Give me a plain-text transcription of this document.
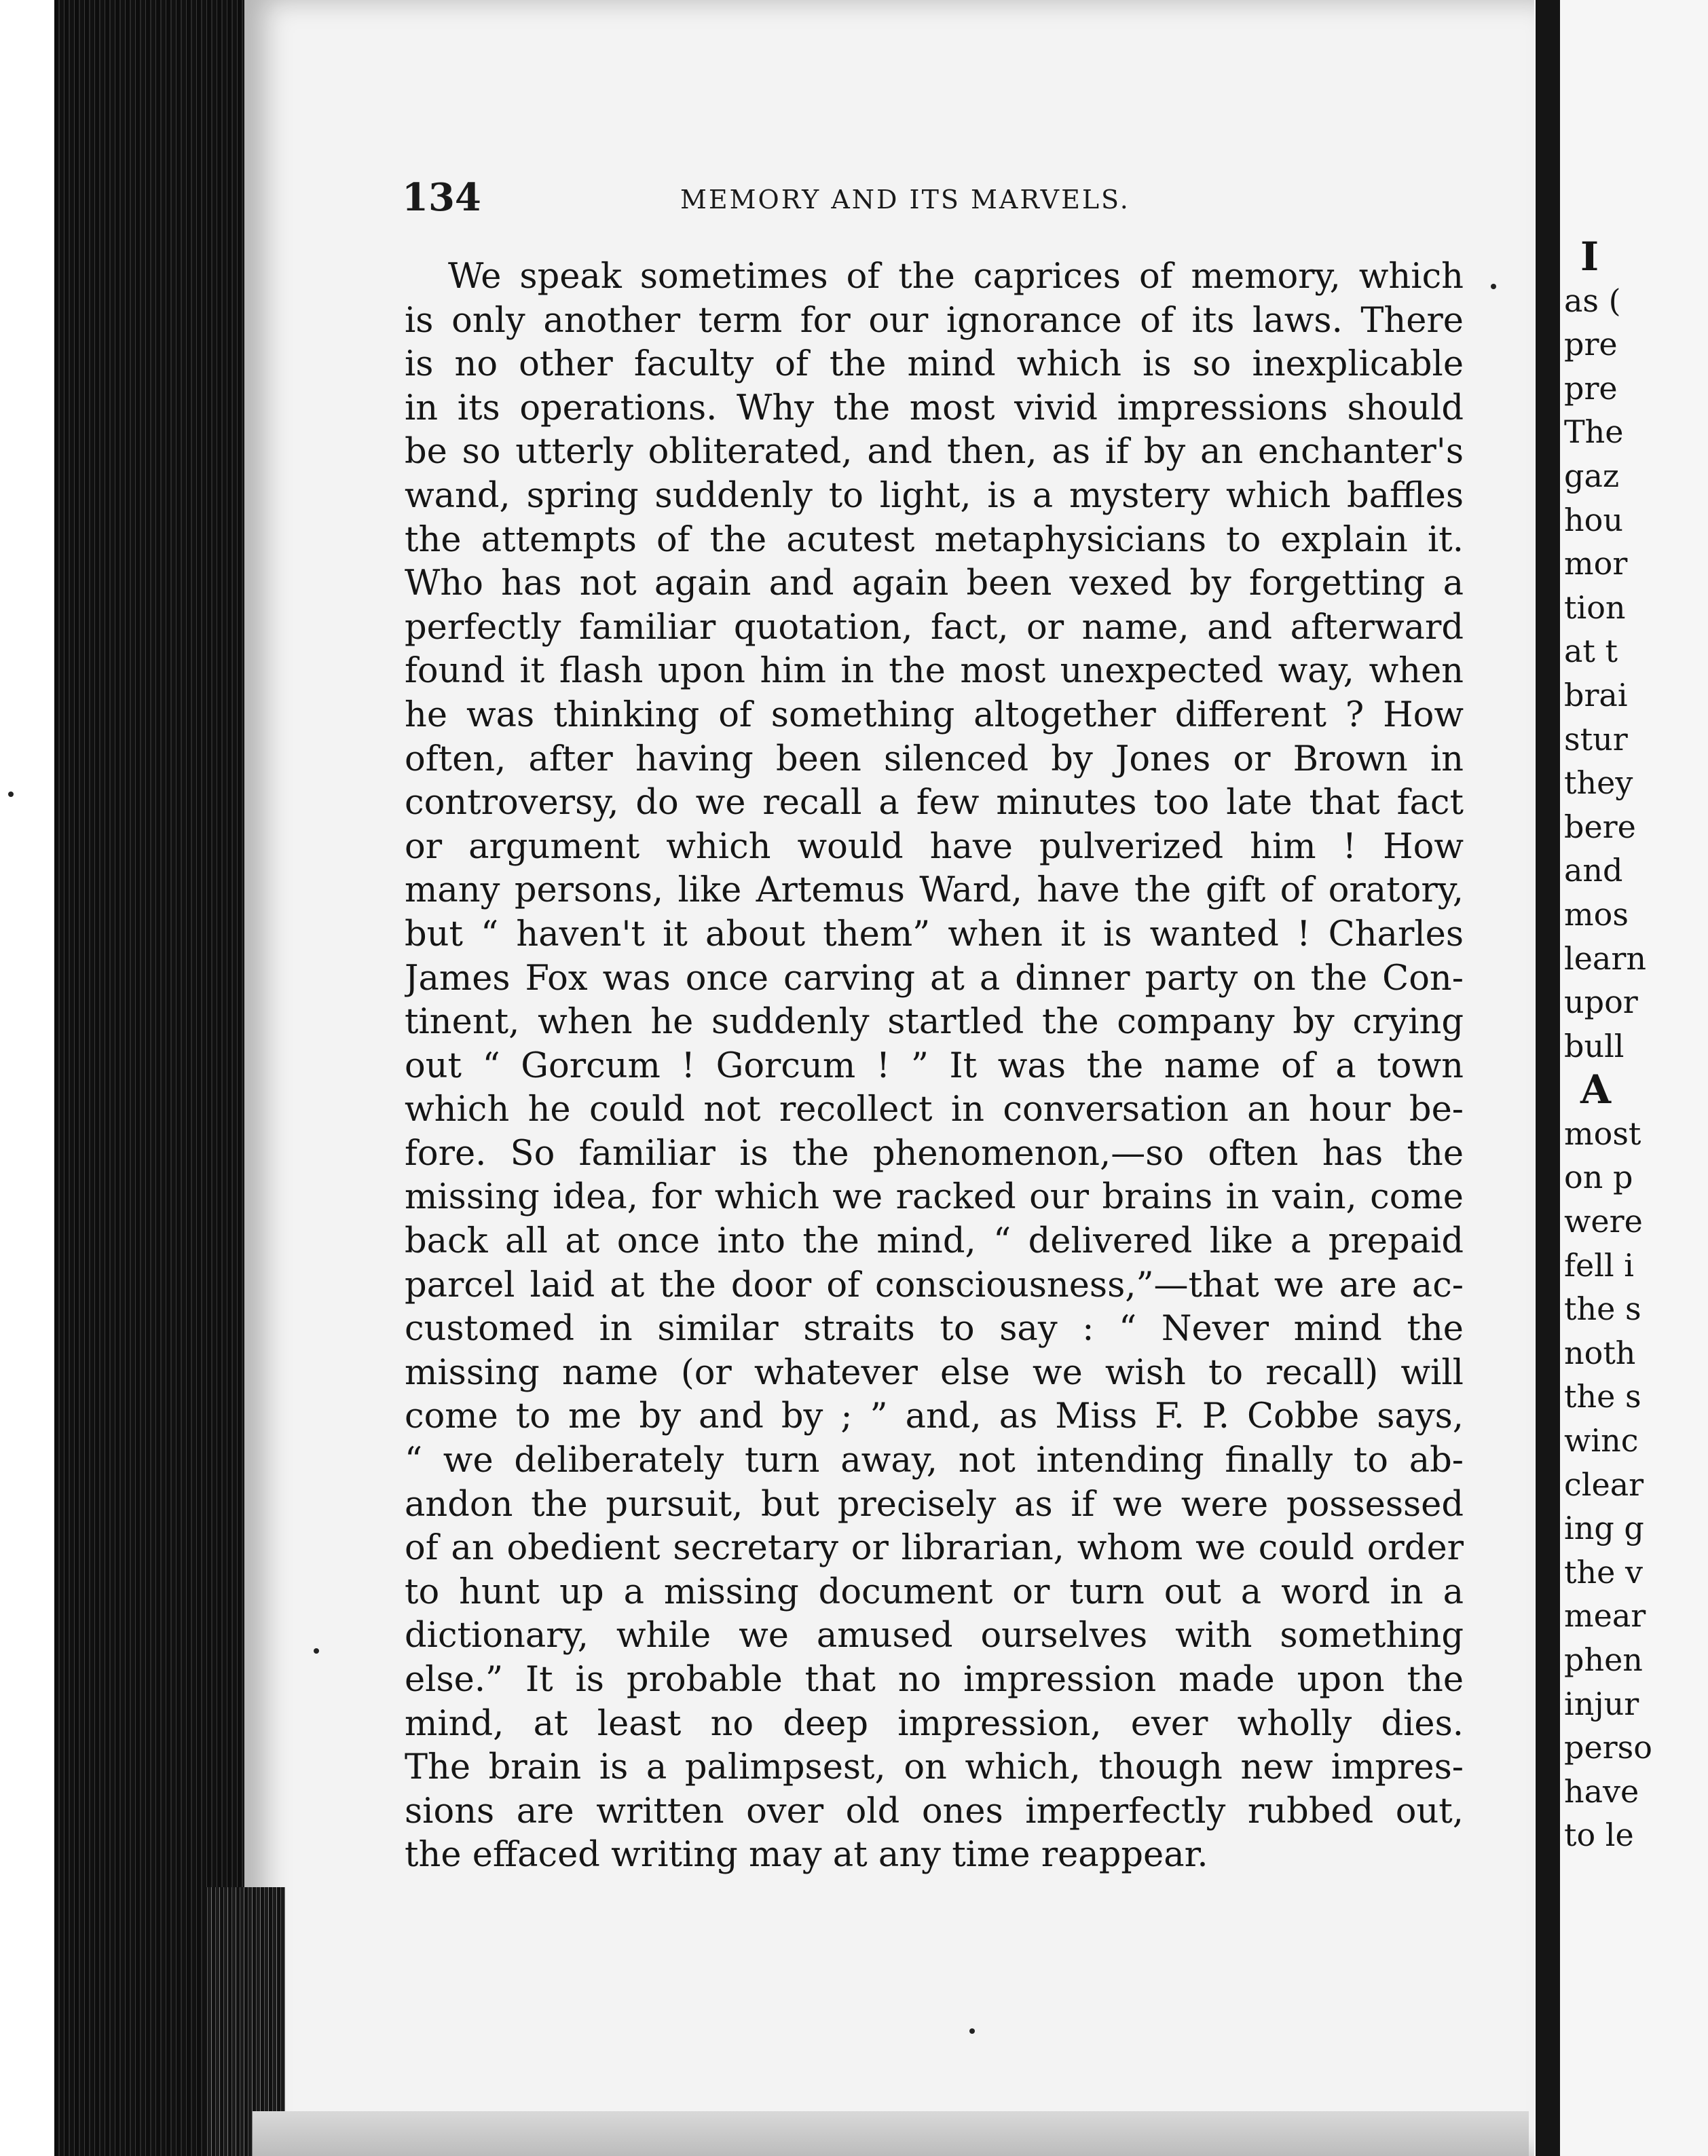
134	MEMORY AND ITS MARVELS.
We speak sometimes of the caprices of memory, which
is only another term for our ignorance of its laws. There
is no other faculty of the mind which is so inexplicable
in its operations. Why the most vivid impressions should
be so utterly obliterated, and then, as if by an enchanter's
wand, spring suddenly to light, is a mystery which baffles
the attempts of the acutest metaphysicians to explain it.
Who has not again and again been vexed by forgetting a
perfectly familiar quotation, fact, or name, and afterward
found it flash upon him in the most unexpected way, when
he was thinking of something altogether different ? How
often, after having been silenced by Jones or Brown in
controversy, do we recall a few minutes too late that fact
or argument which would have pulverized him ! How
many persons, like Artemus Ward, have the gift of oratory,
but “ haven't it about them” when it is wanted ! Charles
James Fox was once carving at a dinner party on the Con-
tinent, when he suddenly startled the company by crying
out “ Gorcum ! Gorcum ! ” It was the name of a town
which he could not recollect in conversation an hour be-
fore. So familiar is the phenomenon,—so often has the
missing idea, for which we racked our brains in vain, come
back all at once into the mind, “ delivered like a prepaid
parcel laid at the door of consciousness,”—that we are ac-
customed in similar straits to say : “ Never mind the
missing name (or whatever else we wish to recall) will
come to me by and by ; ” and, as Miss F. P. Cobbe says,
“ we deliberately turn away, not intending finally to ab-
andon the pursuit, but precisely as if we were possessed
of an obedient secretary or librarian, whom we could order
to hunt up a missing document or turn out a word in a
dictionary, while we amused ourselves with something
else.” It is probable that no impression made upon the
mind, at least no deep impression, ever wholly dies.
The brain is a palimpsest, on which, though new impres-
sions are written over old ones imperfectly rubbed out,
the effaced writing may at any time reappear.
I
as (
pre
pre
The
gaz
hou
mor
tion
at t
brai
stur
they
bere
and
mos
learn
upor
bull
A
most
on p
were
fell i
the s
noth
the s
winc
clear
ing g
the v
mear
phen
injur
perso
have
to le
